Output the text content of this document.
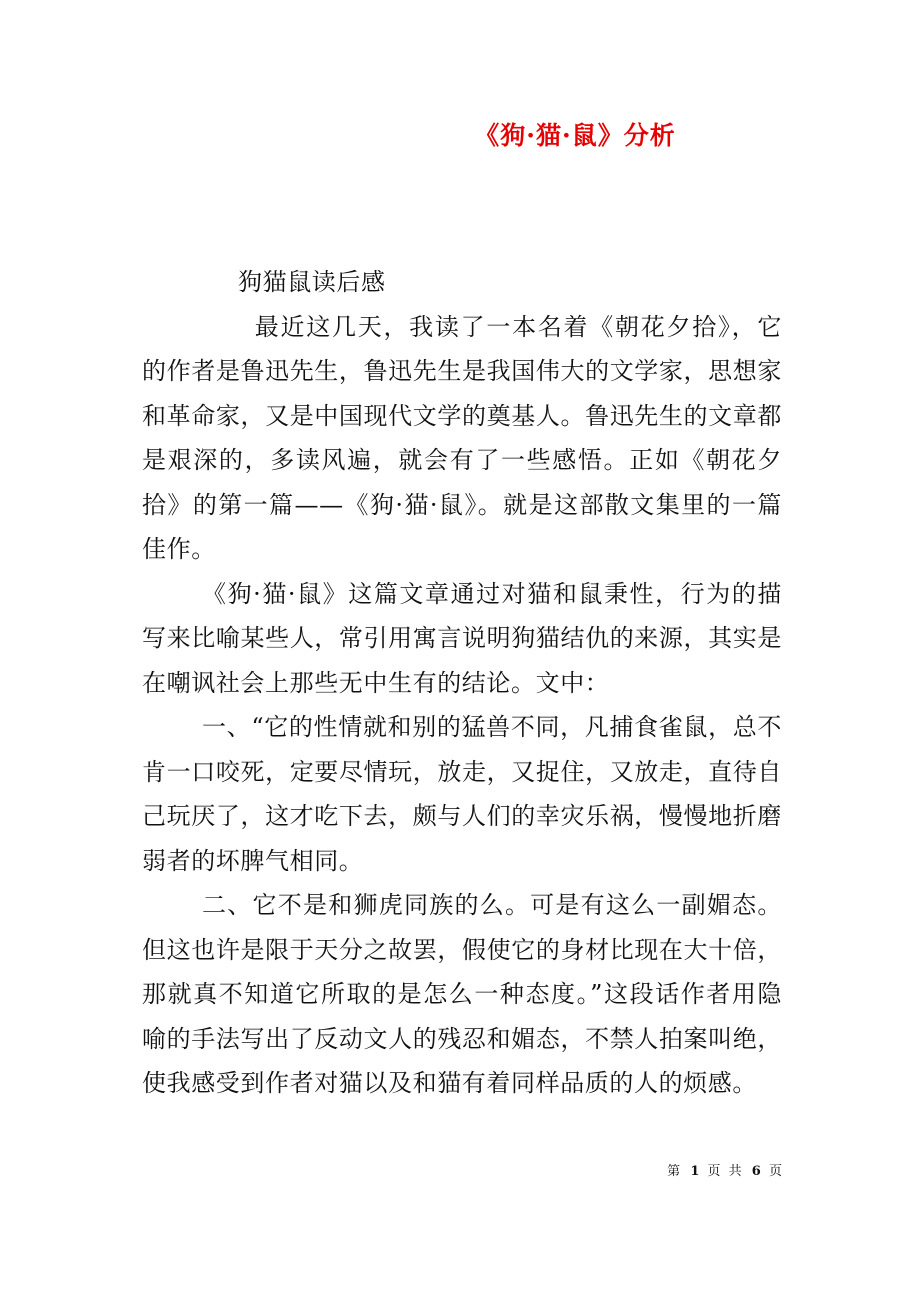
《狗·猫·鼠》分析

狗猫鼠读后感

最近这几天，我读了一本名着《朝花夕拾》，它的作者是鲁迅先生，鲁迅先生是我国伟大的文学家，思想家和革命家，又是中国现代文学的奠基人。鲁迅先生的文章都是艰深的，多读风遍，就会有了一些感悟。正如《朝花夕拾》的第一篇——《狗·猫·鼠》。就是这部散文集里的一篇佳作。

《狗·猫·鼠》这篇文章通过对猫和鼠秉性，行为的描写来比喻某些人，常引用寓言说明狗猫结仇的来源，其实是在嘲讽社会上那些无中生有的结论。文中：

一、“它的性情就和别的猛兽不同，凡捕食雀鼠，总不肯一口咬死，定要尽情玩，放走，又捉住，又放走，直待自己玩厌了，这才吃下去，颇与人们的幸灾乐祸，慢慢地折磨弱者的坏脾气相同。

二、它不是和狮虎同族的么。可是有这么一副媚态。但这也许是限于天分之故罢，假使它的身材比现在大十倍，那就真不知道它所取的是怎么一种态度。”这段话作者用隐喻的手法写出了反动文人的残忍和媚态，不禁人拍案叫绝，使我感受到作者对猫以及和猫有着同样品质的人的烦感。

第 1 页 共 6 页
